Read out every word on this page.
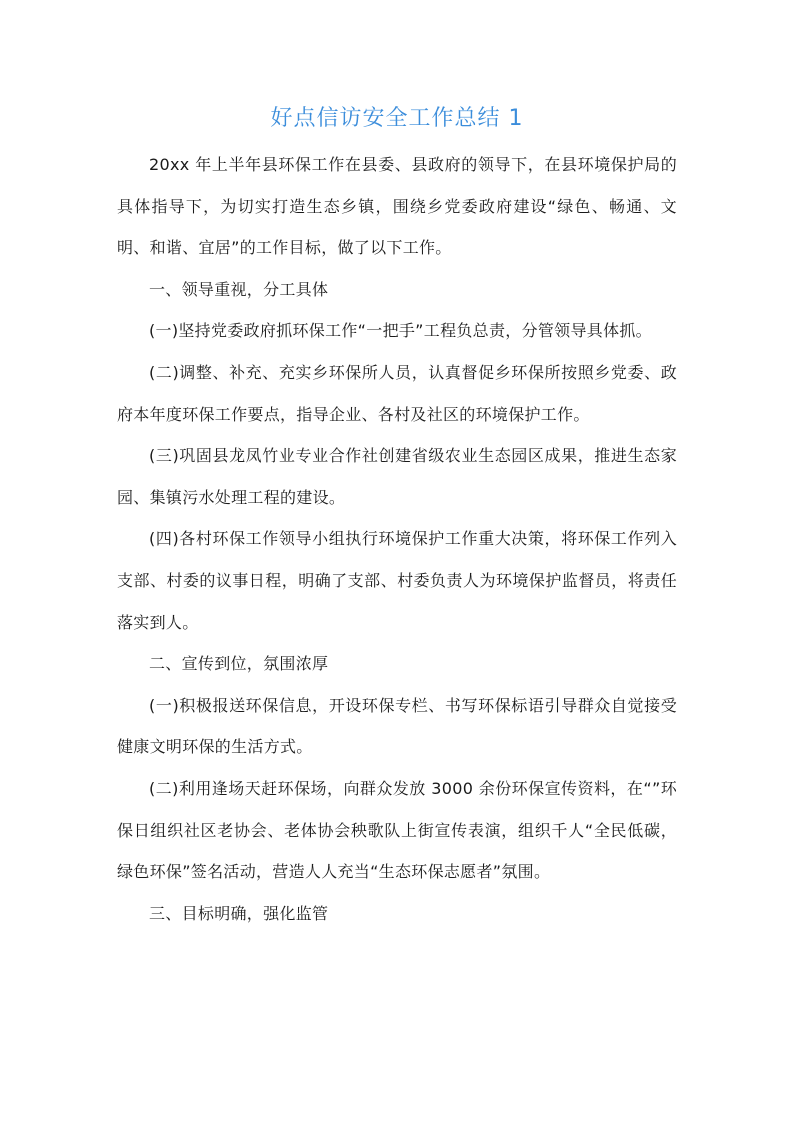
好点信访安全工作总结 1

20xx 年上半年县环保工作在县委、县政府的领导下，在县环境保护局的具体指导下，为切实打造生态乡镇，围绕乡党委政府建设“绿色、畅通、文明、和谐、宜居”的工作目标，做了以下工作。

一、领导重视，分工具体

(一)坚持党委政府抓环保工作“一把手”工程负总责，分管领导具体抓。

(二)调整、补充、充实乡环保所人员，认真督促乡环保所按照乡党委、政府本年度环保工作要点，指导企业、各村及社区的环境保护工作。

(三)巩固县龙凤竹业专业合作社创建省级农业生态园区成果，推进生态家园、集镇污水处理工程的建设。

(四)各村环保工作领导小组执行环境保护工作重大决策，将环保工作列入支部、村委的议事日程，明确了支部、村委负责人为环境保护监督员，将责任落实到人。

二、宣传到位，氛围浓厚

(一)积极报送环保信息，开设环保专栏、书写环保标语引导群众自觉接受健康文明环保的生活方式。

(二)利用逢场天赶环保场，向群众发放 3000 余份环保宣传资料，在“”环保日组织社区老协会、老体协会秧歌队上街宣传表演，组织千人“全民低碳，绿色环保”签名活动，营造人人充当“生态环保志愿者”氛围。

三、目标明确，强化监管
